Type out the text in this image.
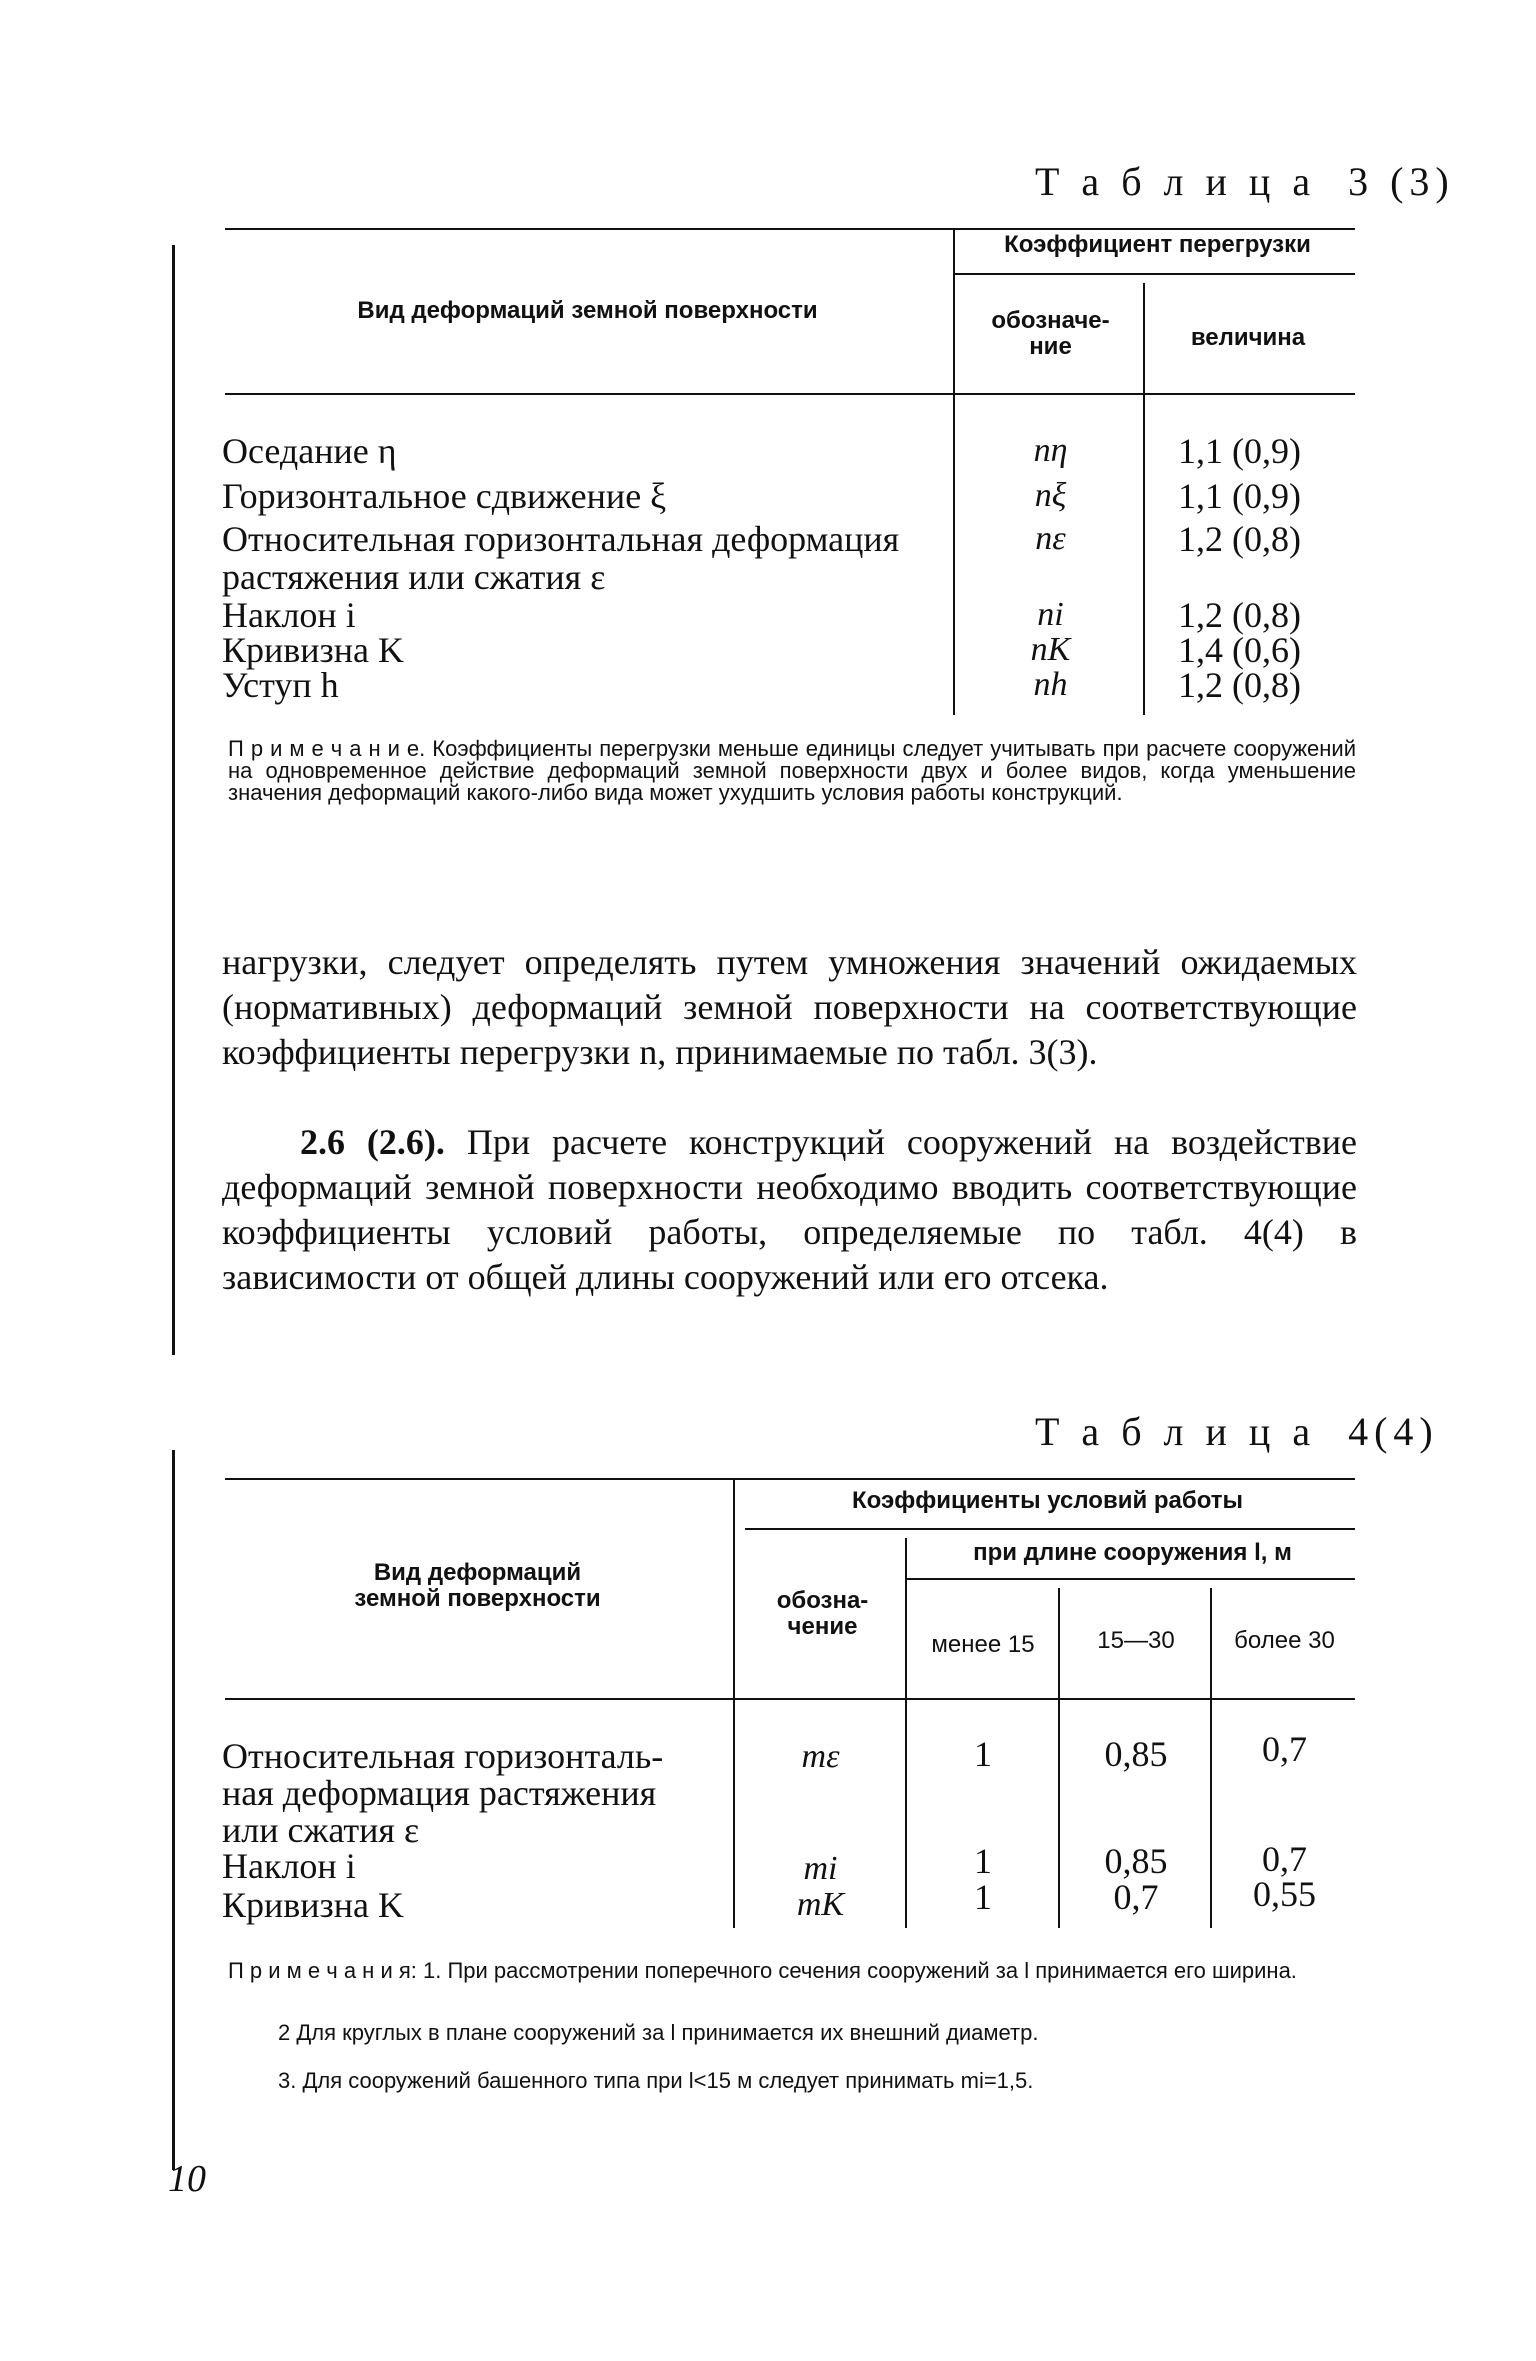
Т а б л и ц а  3 (3)
Вид деформаций земной поверхности
Коэффициент перегрузки
обозначе-
ние	величина
Оседание η	nη	1,1 (0,9)
Горизонтальное сдвижение ξ	nξ	1,1 (0,9)
Относительная горизонтальная деформация
растяжения или сжатия ε
nε	1,2 (0,8)
Наклон i	ni	1,2 (0,8)
Кривизна K	nK	1,4 (0,6)
Уступ h	nh	1,2 (0,8)
П р и м е ч а н и е. Коэффициенты перегрузки меньше единицы следует учитывать при расчете сооружений на одновременное действие деформаций земной поверхности двух и более видов, когда уменьшение значения деформаций какого-либо вида может ухудшить условия работы конструкций.
нагрузки, следует определять путем умножения значений ожидаемых (нормативных) деформаций земной поверхности на соответствующие коэффициенты перегрузки n, принимаемые по табл. 3(3).
2.6 (2.6). При расчете конструкций сооружений на воздействие деформаций земной поверхности необходимо вводить соответствующие коэффициенты условий работы, определяемые по табл. 4(4) в зависимости от общей длины сооружений или его отсека.
Т а б л и ц а  4(4)
Вид деформаций
земной поверхности
Коэффициенты условий работы
обозна-
чение
при длине сооружения l, м
менее 15	15—30	более 30
Относительная горизонталь-
ная деформация растяжения
или сжатия ε
mε	1	0,85	0,7
Наклон i	mi	1	0,85	0,7
Кривизна K	mK	1	0,7	0,55
П р и м е ч а н и я: 1. При рассмотрении поперечного сечения сооружений за l принимается его ширина.
2 Для круглых в плане сооружений за l принимается их внешний диаметр.
3. Для сооружений башенного типа при l<15 м следует принимать mi=1,5.
10
